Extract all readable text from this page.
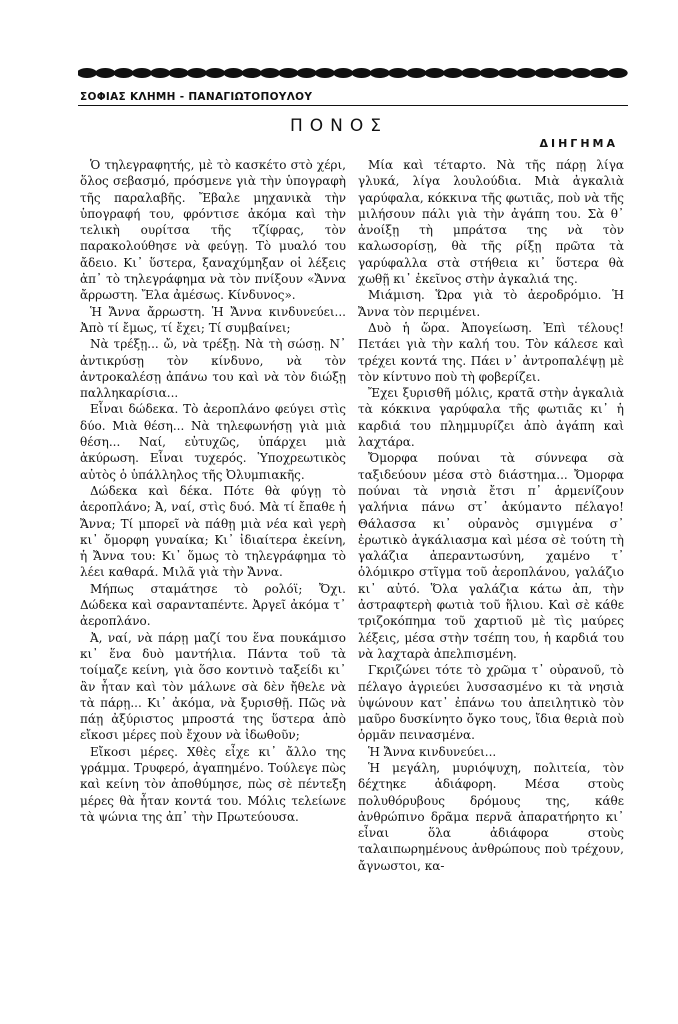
ΣΟΦΙΑΣ ΚΛΗΜΗ - ΠΑΝΑΓΙΩΤΟΠΟΥΛΟΥ
ΠΟΝΟΣ
ΔΙΗΓΗΜΑ

Ὁ τηλεγραφητής, μὲ τὸ κασκέτο στὸ χέρι, ὅλος σεβασμό, πρόσμενε γιὰ τὴν ὑπογραφὴ τῆς παραλαβῆς. Ἔβαλε μηχανικὰ τὴν ὑπογραφή του, φρόντισε ἀκόμα καὶ τὴν τελικὴ ουρίτσα τῆς τζίφρας, τὸν παρακολούθησε νὰ φεύγῃ. Τὸ μυαλό του ἄδειο. Κι᾿ ὕστερα, ξαναχύμηξαν οἱ λέξεις ἀπ᾿ τὸ τηλεγράφημα νὰ τὸν πνίξουν «Ἄννα ἄρρωστη. Ἔλα ἀμέσως. Κίνδυνος».

Ἡ Ἄννα ἄρρωστη. Ἡ Ἄννα κινδυνεύει... Ἀπὸ τί ἔμως, τί ἔχει; Τί συμβαίνει;

Νὰ τρέξῃ... ὤ, νὰ τρέξῃ. Νὰ τὴ σώσῃ. Ν᾿ ἀντικρύσῃ τὸν κίνδυνο, νὰ τὸν ἀντροκαλέσῃ ἀπάνω του καὶ νὰ τὸν διώξῃ παλληκαρίσια...

Εἶναι δώδεκα. Τὸ ἀεροπλάνο φεύγει στὶς δύο. Μιὰ θέση... Νὰ τηλεφωνήσῃ γιὰ μιὰ θέση... Ναί, εὐτυχῶς, ὑπάρχει μιὰ ἀκύρωση. Εἶναι τυχερός. Ὑποχρεωτικὸς αὐτὸς ὁ ὑπάλληλος τῆς Ὀλυμπιακῆς.

Δώδεκα καὶ δέκα. Πότε θὰ φύγῃ τὸ ἀεροπλάνο; Ἀ, ναί, στὶς δυό. Μὰ τί ἔπαθε ἡ Ἄννα; Τί μπορεῖ νὰ πάθῃ μιὰ νέα καὶ γερὴ κι᾿ ὄμορφη γυναίκα; Κι᾿ ἰδιαίτερα ἐκείνη, ἡ Ἄννα του: Κι᾿ ὅμως τὸ τηλεγράφημα τὸ λέει καθαρά. Μιλᾶ γιὰ τὴν Ἄννα.

Μήπως σταμάτησε τὸ ρολόϊ; Ὄχι. Δώδεκα καὶ σαρανταπέντε. Ἀργεῖ ἀκόμα τ᾿ ἀεροπλάνο.

Ἀ, ναί, νὰ πάρῃ μαζί του ἕνα πουκάμισο κι᾿ ἕνα δυὸ μαντήλια. Πάντα τοῦ τὰ τοίμαζε κείνη, γιὰ ὅσο κοντινὸ ταξείδι κι᾿ ἂν ἦταν καὶ τὸν μάλωνε σὰ δὲν ἤθελε νὰ τὰ πάρῃ... Κι᾿ ἀκόμα, νὰ ξυρισθῇ. Πῶς νὰ πάῃ ἀξύριστος μπροστά της ὕστερα ἀπὸ εἴκοσι μέρες ποὺ ἔχουν νὰ ἰδωθοῦν;

Εἴκοσι μέρες. Χθὲς εἶχε κι᾿ ἄλλο της γράμμα. Τρυφερό, ἀγαπημένο. Τούλεγε πὼς καὶ κείνη τὸν ἀποθύμησε, πὼς σὲ πέντεξη μέρες θὰ ἦταν κοντά του. Μόλις τελείωνε τὰ ψώνια της ἀπ᾿ τὴν Πρωτεύουσα.

Μία καὶ τέταρτο. Νὰ τῆς πάρῃ λίγα γλυκά, λίγα λουλούδια. Μιὰ ἀγκαλιὰ γαρύφαλα, κόκκινα τῆς φωτιᾶς, ποὺ νὰ τῆς μιλήσουν πάλι γιὰ τὴν ἀγάπη του. Σὰ θ᾿ ἀνοίξῃ τὴ μπράτσα της νὰ τὸν καλωσορίσῃ, θὰ τῆς ρίξῃ πρῶτα τὰ γαρύφαλλα στὰ στήθεια κι᾿ ὕστερα θὰ χωθῇ κι᾿ ἐκεῖνος στὴν ἀγκαλιά της.

Μιάμιση. Ὥρα γιὰ τὸ ἀεροδρόμιο. Ἡ Ἄννα τὸν περιμένει.

Δυὸ ἡ ὥρα. Ἀπογείωση. Ἐπὶ τέλους! Πετάει γιὰ τὴν καλή του. Τὸν κάλεσε καὶ τρέχει κοντά της. Πάει ν᾿ ἀντροπαλέψῃ μὲ τὸν κίντυνο ποὺ τὴ φοβερίζει.

Ἔχει ξυρισθῆ μόλις, κρατᾶ στὴν ἀγκαλιὰ τὰ κόκκινα γαρύφαλα τῆς φωτιᾶς κι᾿ ἡ καρδιά του πλημμυρίζει ἀπὸ ἀγάπη καὶ λαχτάρα.

Ὄμορφα πούναι τὰ σύννεφα σὰ ταξιδεύουν μέσα στὸ διάστημα... Ὄμορφα πούναι τὰ νησιὰ ἔτσι π᾿ ἁρμενίζουν γαλήνια πάνω στ᾿ ἀκύμαντο πέλαγο! Θάλασσα κι᾿ οὐρανὸς σμιγμένα σ᾿ ἐρωτικὸ ἀγκάλιασμα καὶ μέσα σὲ τούτη τὴ γαλάζια ἀπεραντωσύνη, χαμένο τ᾿ ὁλόμικρο στῖγμα τοῦ ἀεροπλάνου, γαλάζιο κι᾿ αὐτό. Ὅλα γαλάζια κάτω ἀπ, τὴν ἀστραφτερὴ φωτιὰ τοῦ ἥλιου. Καὶ σὲ κάθε τριζοκόπημα τοῦ χαρτιοῦ μὲ τὶς μαύρες λέξεις, μέσα στὴν τσέπη του, ἡ καρδιά του νὰ λαχταρὰ ἀπελπισμένη.

Γκριζώνει τότε τὸ χρῶμα τ᾿ οὐρανοῦ, τὸ πέλαγο ἀγριεύει λυσσασμένο κι τὰ νησιὰ ὑψώνουν κατ᾿ ἐπάνω του ἀπειλητικὸ τὸν μαῦρο δυσκίνητο ὄγκο τους, ἴδια θεριὰ ποὺ ὁρμᾶν πεινασμένα.

Ἡ Ἄννα κινδυνεύει...

Ἡ μεγάλη, μυριόψυχη, πολιτεία, τὸν δέχτηκε ἀδιάφορη. Μέσα στοὺς πολυθόρυβους δρόμους της, κάθε ἀνθρώπινο δρᾶμα περνᾶ ἀπαρατήρητο κι᾿ εἶναι ὅλα ἀδιάφορα στοὺς ταλαιπωρημένους ἀνθρώπους ποὺ τρέχουν, ἄγνωστοι, κα-
